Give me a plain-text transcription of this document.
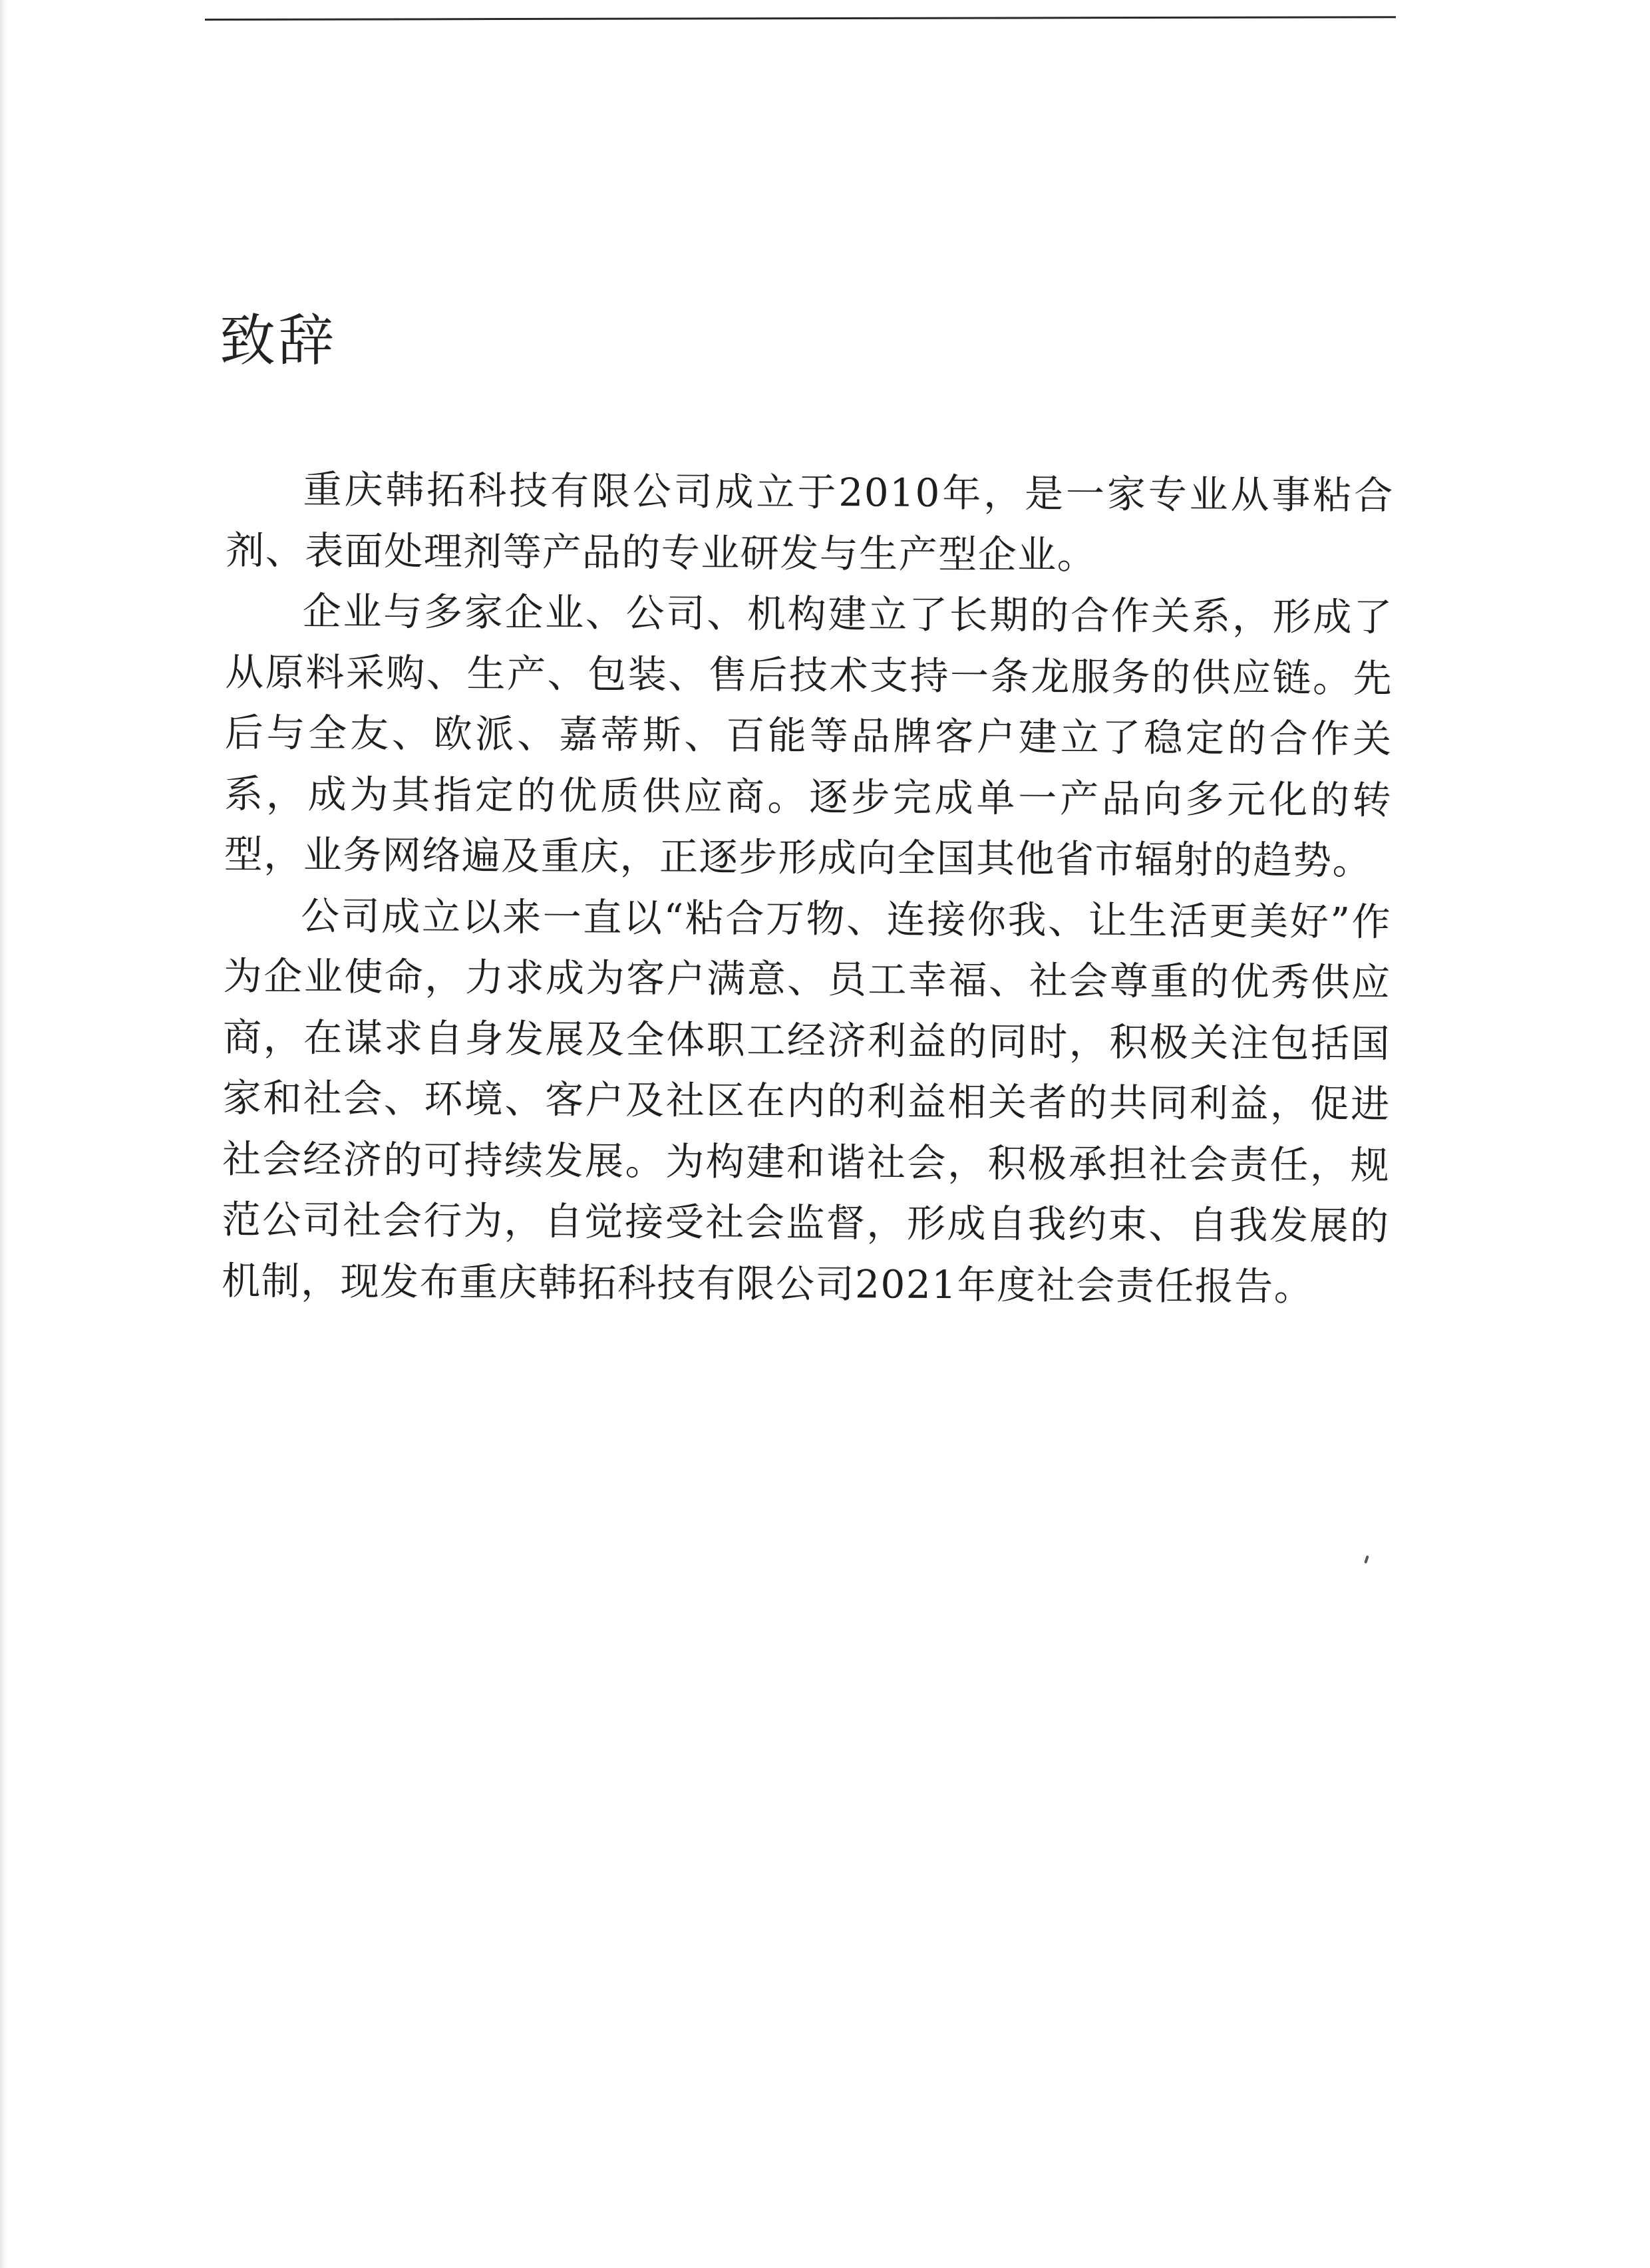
致辞

重庆韩拓科技有限公司成立于2010年，是一家专业从事粘合剂、表面处理剂等产品的专业研发与生产型企业。

企业与多家企业、公司、机构建立了长期的合作关系，形成了从原料采购、生产、包装、售后技术支持一条龙服务的供应链。先后与全友、欧派、嘉蒂斯、百能等品牌客户建立了稳定的合作关系，成为其指定的优质供应商。逐步完成单一产品向多元化的转型，业务网络遍及重庆，正逐步形成向全国其他省市辐射的趋势。

公司成立以来一直以“粘合万物、连接你我、让生活更美好”作为企业使命，力求成为客户满意、员工幸福、社会尊重的优秀供应商，在谋求自身发展及全体职工经济利益的同时，积极关注包括国家和社会、环境、客户及社区在内的利益相关者的共同利益，促进社会经济的可持续发展。为构建和谐社会，积极承担社会责任，规范公司社会行为，自觉接受社会监督，形成自我约束、自我发展的机制，现发布重庆韩拓科技有限公司2021年度社会责任报告。
